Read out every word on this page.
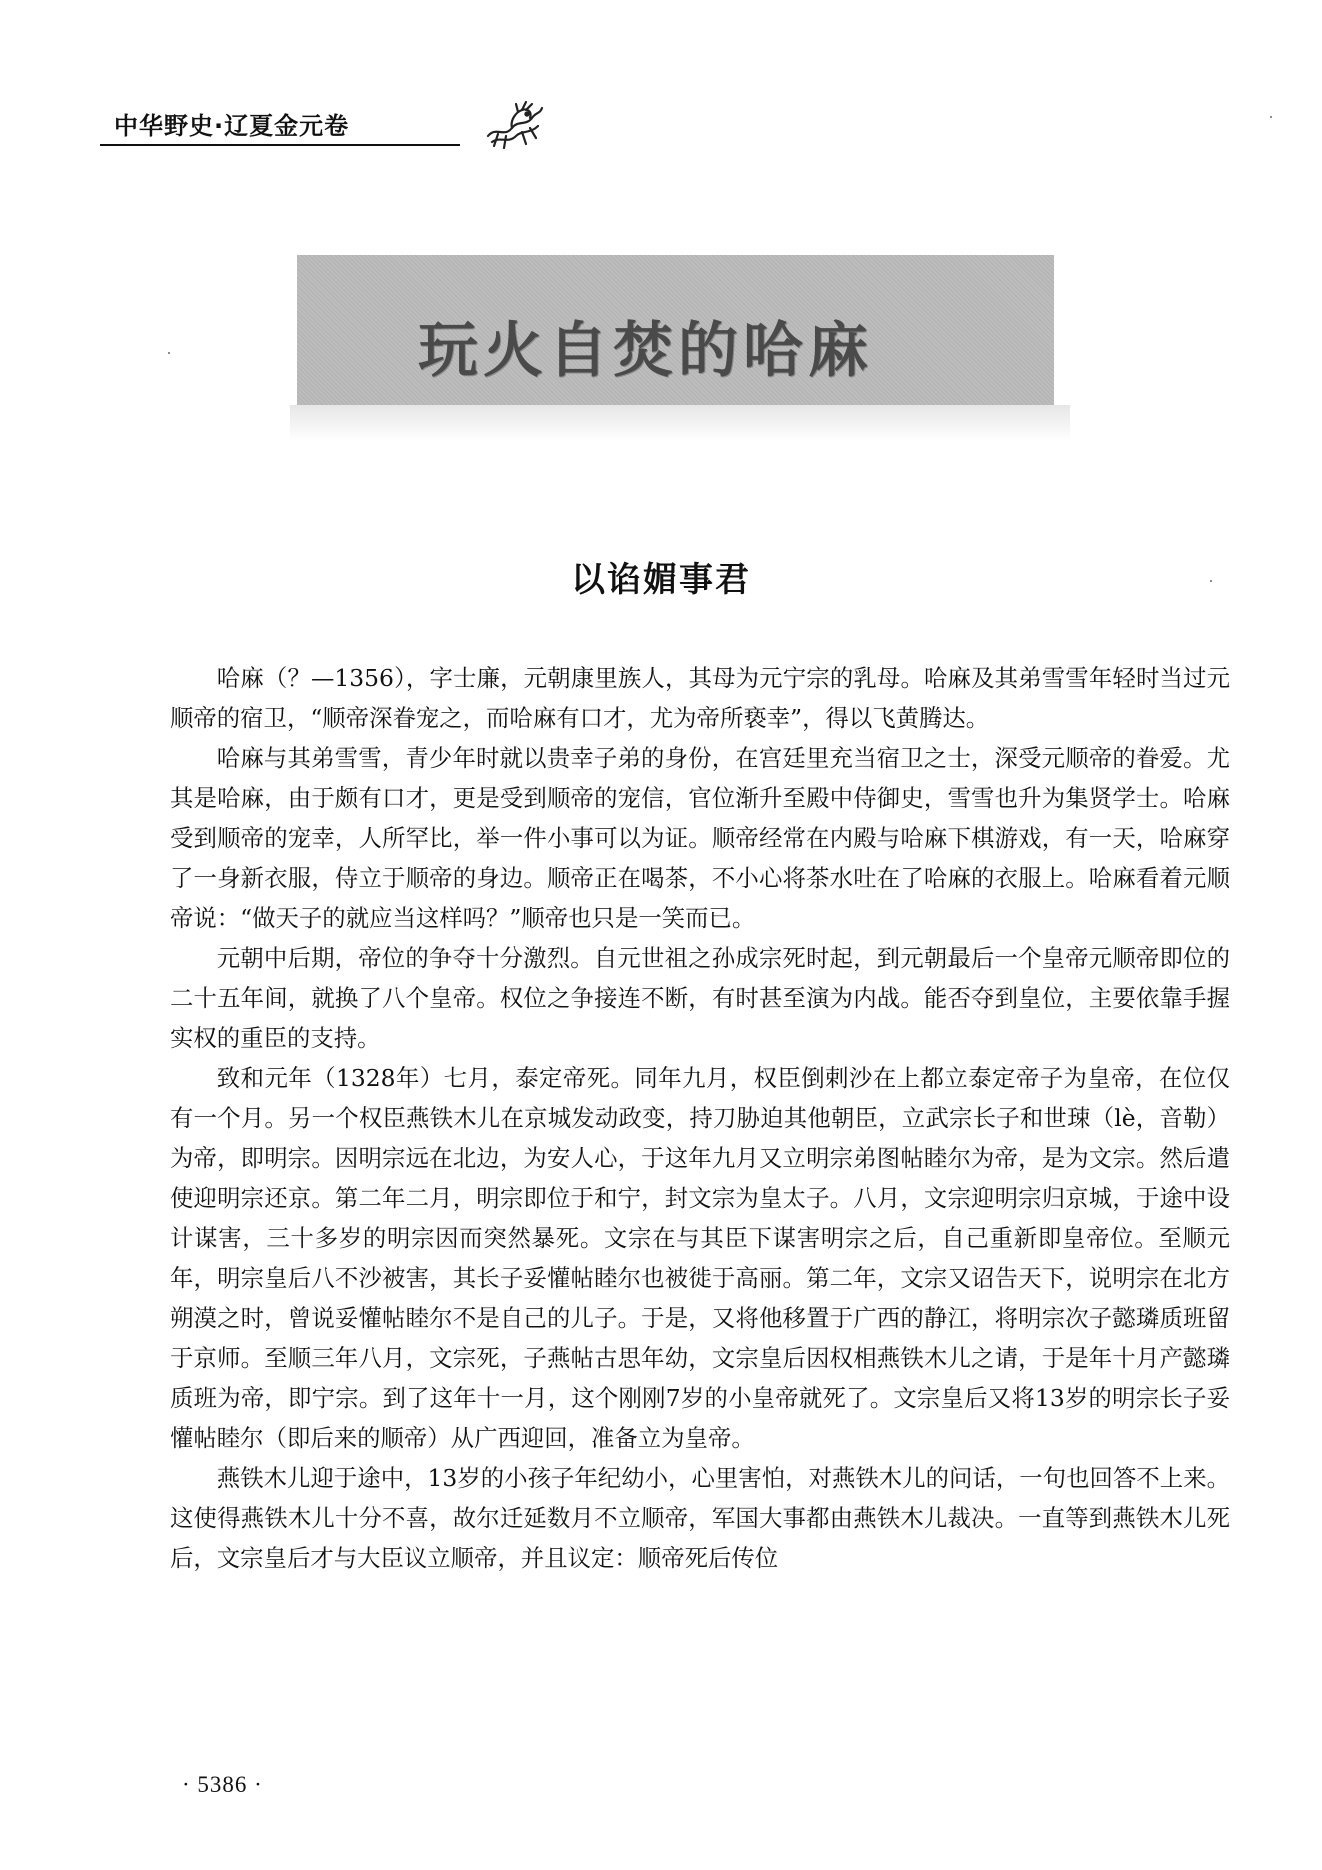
中华野史·辽夏金元卷
玩火自焚的哈麻
以谄媚事君

哈麻（？—1356），字士廉，元朝康里族人，其母为元宁宗的乳母。哈麻及其弟雪雪年轻时当过元顺帝的宿卫，“顺帝深眷宠之，而哈麻有口才，尤为帝所亵幸”，得以飞黄腾达。

哈麻与其弟雪雪，青少年时就以贵幸子弟的身份，在宫廷里充当宿卫之士，深受元顺帝的眷爱。尤其是哈麻，由于颇有口才，更是受到顺帝的宠信，官位渐升至殿中侍御史，雪雪也升为集贤学士。哈麻受到顺帝的宠幸，人所罕比，举一件小事可以为证。顺帝经常在内殿与哈麻下棋游戏，有一天，哈麻穿了一身新衣服，侍立于顺帝的身边。顺帝正在喝茶，不小心将茶水吐在了哈麻的衣服上。哈麻看着元顺帝说：“做天子的就应当这样吗？”顺帝也只是一笑而已。

元朝中后期，帝位的争夺十分激烈。自元世祖之孙成宗死时起，到元朝最后一个皇帝元顺帝即位的二十五年间，就换了八个皇帝。权位之争接连不断，有时甚至演为内战。能否夺到皇位，主要依靠手握实权的重臣的支持。

致和元年（1328年）七月，泰定帝死。同年九月，权臣倒剌沙在上都立泰定帝子为皇帝，在位仅有一个月。另一个权臣燕铁木儿在京城发动政变，持刀胁迫其他朝臣，立武宗长子和世㻋（lè，音勒）为帝，即明宗。因明宗远在北边，为安人心，于这年九月又立明宗弟图帖睦尔为帝，是为文宗。然后遣使迎明宗还京。第二年二月，明宗即位于和宁，封文宗为皇太子。八月，文宗迎明宗归京城，于途中设计谋害，三十多岁的明宗因而突然暴死。文宗在与其臣下谋害明宗之后，自己重新即皇帝位。至顺元年，明宗皇后八不沙被害，其长子妥懽帖睦尔也被徙于高丽。第二年，文宗又诏告天下，说明宗在北方朔漠之时，曾说妥懽帖睦尔不是自己的儿子。于是，又将他移置于广西的静江，将明宗次子懿璘质班留于京师。至顺三年八月，文宗死，子燕帖古思年幼，文宗皇后因权相燕铁木儿之请，于是年十月产懿璘质班为帝，即宁宗。到了这年十一月，这个刚刚7岁的小皇帝就死了。文宗皇后又将13岁的明宗长子妥懽帖睦尔（即后来的顺帝）从广西迎回，准备立为皇帝。

燕铁木儿迎于途中，13岁的小孩子年纪幼小，心里害怕，对燕铁木儿的问话，一句也回答不上来。这使得燕铁木儿十分不喜，故尔迁延数月不立顺帝，军国大事都由燕铁木儿裁决。一直等到燕铁木儿死后，文宗皇后才与大臣议立顺帝，并且议定：顺帝死后传位

· 5386 ·
